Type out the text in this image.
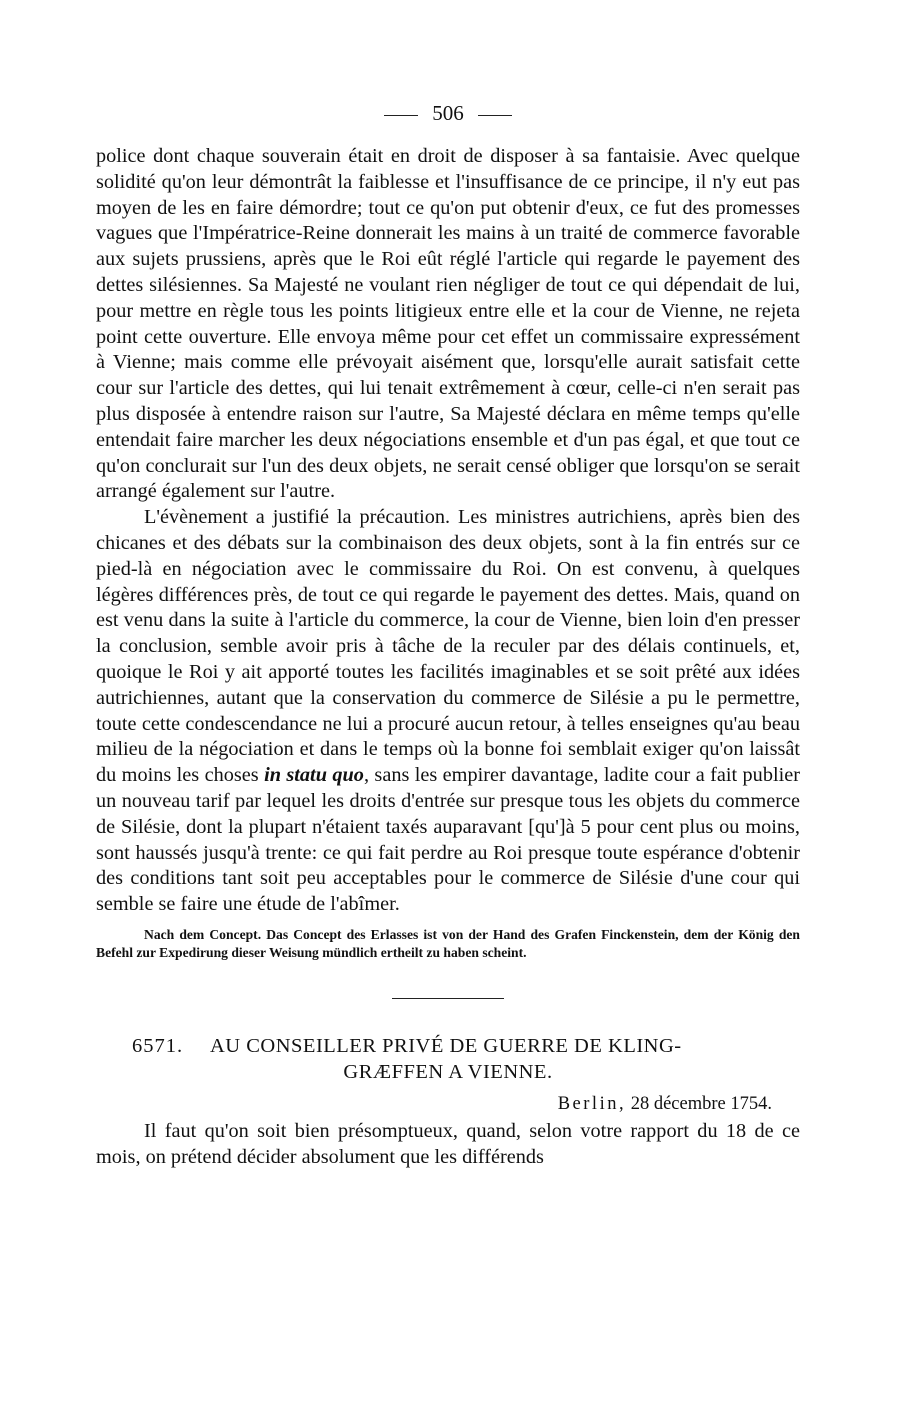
506

police dont chaque souverain était en droit de disposer à sa fantaisie. Avec quelque solidité qu'on leur démontrât la faiblesse et l'insuffisance de ce principe, il n'y eut pas moyen de les en faire démordre; tout ce qu'on put obtenir d'eux, ce fut des promesses vagues que l'Impératrice-Reine donnerait les mains à un traité de commerce favorable aux sujets prussiens, après que le Roi eût réglé l'article qui regarde le payement des dettes silésiennes. Sa Majesté ne voulant rien négliger de tout ce qui dépendait de lui, pour mettre en règle tous les points litigieux entre elle et la cour de Vienne, ne rejeta point cette ouverture. Elle envoya même pour cet effet un commissaire expressément à Vienne; mais comme elle prévoyait aisément que, lorsqu'elle aurait satisfait cette cour sur l'article des dettes, qui lui tenait extrêmement à cœur, celle-ci n'en serait pas plus disposée à entendre raison sur l'autre, Sa Majesté déclara en même temps qu'elle entendait faire marcher les deux négociations ensemble et d'un pas égal, et que tout ce qu'on conclurait sur l'un des deux objets, ne serait censé obliger que lorsqu'on se serait arrangé également sur l'autre.

L'évènement a justifié la précaution. Les ministres autrichiens, après bien des chicanes et des débats sur la combinaison des deux objets, sont à la fin entrés sur ce pied-là en négociation avec le commissaire du Roi. On est convenu, à quelques légères différences près, de tout ce qui regarde le payement des dettes. Mais, quand on est venu dans la suite à l'article du commerce, la cour de Vienne, bien loin d'en presser la conclusion, semble avoir pris à tâche de la reculer par des délais continuels, et, quoique le Roi y ait apporté toutes les facilités imaginables et se soit prêté aux idées autrichiennes, autant que la conservation du commerce de Silésie a pu le permettre, toute cette condescendance ne lui a procuré aucun retour, à telles enseignes qu'au beau milieu de la négociation et dans le temps où la bonne foi semblait exiger qu'on laissât du moins les choses in statu quo, sans les empirer davantage, ladite cour a fait publier un nouveau tarif par lequel les droits d'entrée sur presque tous les objets du commerce de Silésie, dont la plupart n'étaient taxés auparavant [qu']à 5 pour cent plus ou moins, sont haussés jusqu'à trente: ce qui fait perdre au Roi presque toute espérance d'obtenir des conditions tant soit peu acceptables pour le commerce de Silésie d'une cour qui semble se faire une étude de l'abîmer.

Nach dem Concept. Das Concept des Erlasses ist von der Hand des Grafen Finckenstein, dem der König den Befehl zur Expedirung dieser Weisung mündlich ertheilt zu haben scheint.

6571.	AU CONSEILLER PRIVÉ DE GUERRE DE KLING-
GRÆFFEN A VIENNE.
Berlin, 28 décembre 1754.

Il faut qu'on soit bien présomptueux, quand, selon votre rapport du 18 de ce mois, on prétend décider absolument que les différends
